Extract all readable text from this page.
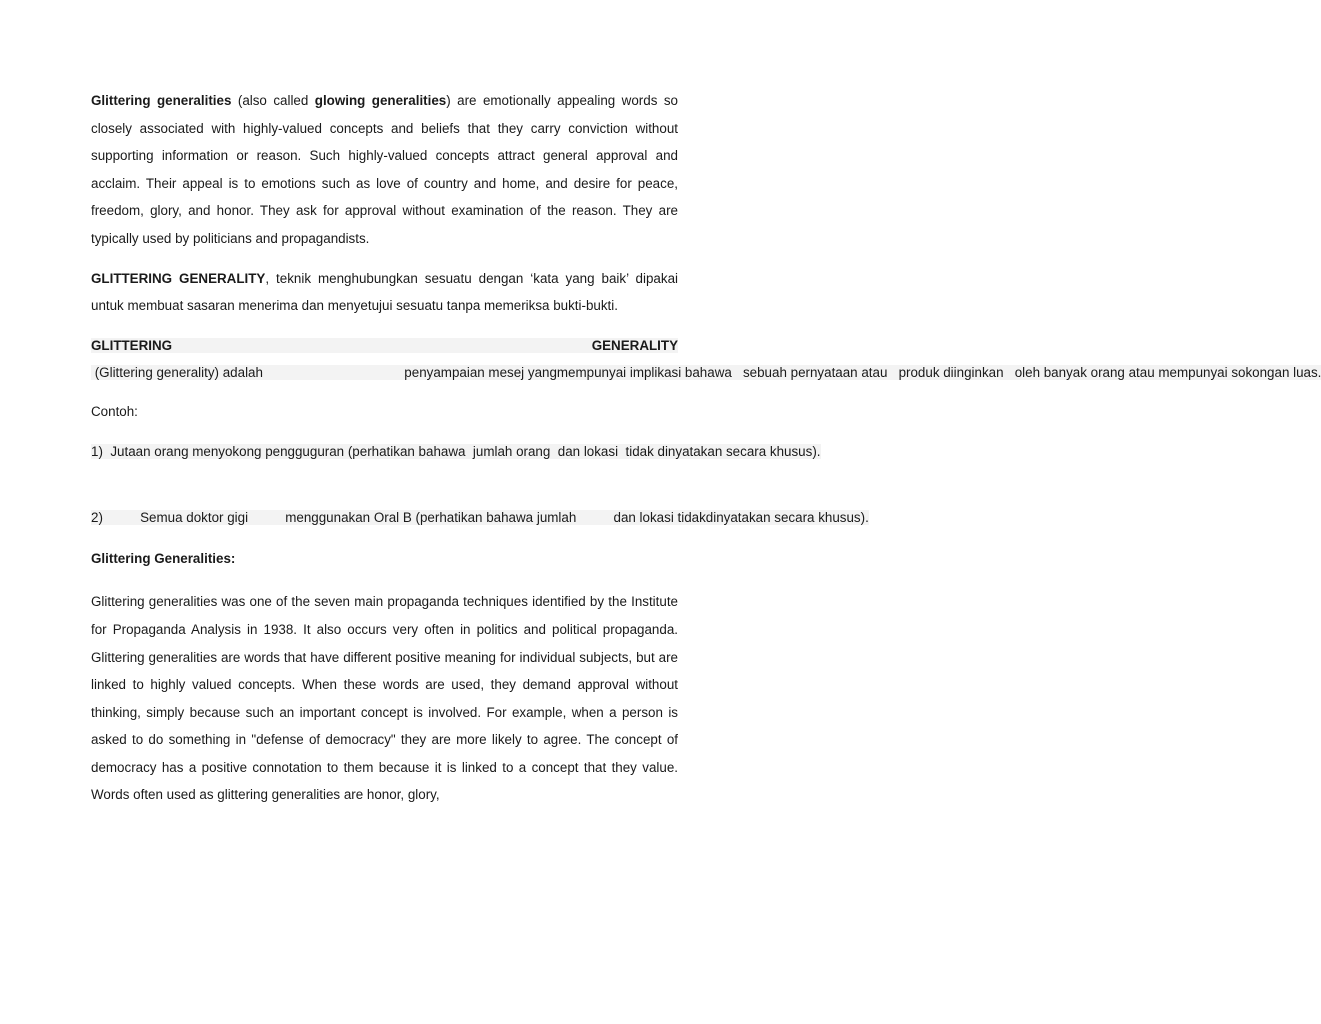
Glittering generalities (also called glowing generalities) are emotionally appealing words so closely associated with highly-valued concepts and beliefs that they carry conviction without supporting information or reason. Such highly-valued concepts attract general approval and acclaim. Their appeal is to emotions such as love of country and home, and desire for peace, freedom, glory, and honor. They ask for approval without examination of the reason. They are typically used by politicians and propagandists.

GLITTERING GENERALITY, teknik menghubungkan sesuatu dengan ‘kata yang baik’ dipakai untuk membuat sasaran menerima dan menyetujui sesuatu tanpa memeriksa bukti-bukti.

GLITTERING GENERALITY (Glittering generality) adalah                                      penyampaian mesej yangmempunyai implikasi bahawa   sebuah pernyataan atau   produk diinginkan   oleh banyak orang atau mempunyai sokongan luas.

Contoh:

1)  Jutaan orang menyokong pengguguran (perhatikan bahawa  jumlah orang  dan lokasi  tidak dinyatakan secara khusus).

2)          Semua doktor gigi          menggunakan Oral B (perhatikan bahawa jumlah          dan lokasi tidakdinyatakan secara khusus).

Glittering Generalities:

Glittering generalities was one of the seven main propaganda techniques identified by the Institute for Propaganda Analysis in 1938. It also occurs very often in politics and political propaganda. Glittering generalities are words that have different positive meaning for individual subjects, but are linked to highly valued concepts. When these words are used, they demand approval without thinking, simply because such an important concept is involved. For example, when a person is asked to do something in "defense of democracy" they are more likely to agree. The concept of democracy has a positive connotation to them because it is linked to a concept that they value. Words often used as glittering generalities are honor, glory,
